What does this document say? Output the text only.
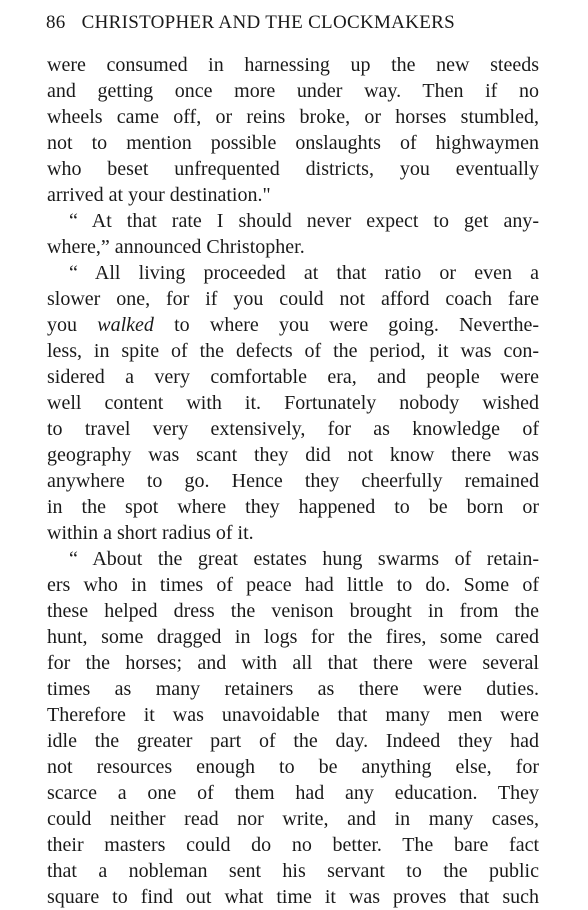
86 CHRISTOPHER AND THE CLOCKMAKERS
were consumed in harnessing up the new steeds
and getting once more under way. Then if no
wheels came off, or reins broke, or horses stumbled,
not to mention possible onslaughts of highwaymen
who beset unfrequented districts, you eventually
arrived at your destination."
“ At that rate I should never expect to get any-
where,” announced Christopher.
“ All living proceeded at that ratio or even a
slower one, for if you could not afford coach fare
you walked to where you were going. Neverthe-
less, in spite of the defects of the period, it was con-
sidered a very comfortable era, and people were
well content with it. Fortunately nobody wished
to travel very extensively, for as knowledge of
geography was scant they did not know there was
anywhere to go. Hence they cheerfully remained
in the spot where they happened to be born or
within a short radius of it.
“ About the great estates hung swarms of retain-
ers who in times of peace had little to do. Some of
these helped dress the venison brought in from the
hunt, some dragged in logs for the fires, some cared
for the horses; and with all that there were several
times as many retainers as there were duties.
Therefore it was unavoidable that many men were
idle the greater part of the day. Indeed they had
not resources enough to be anything else, for
scarce a one of them had any education. They
could neither read nor write, and in many cases,
their masters could do no better. The bare fact
that a nobleman sent his servant to the public
square to find out what time it was proves that such
